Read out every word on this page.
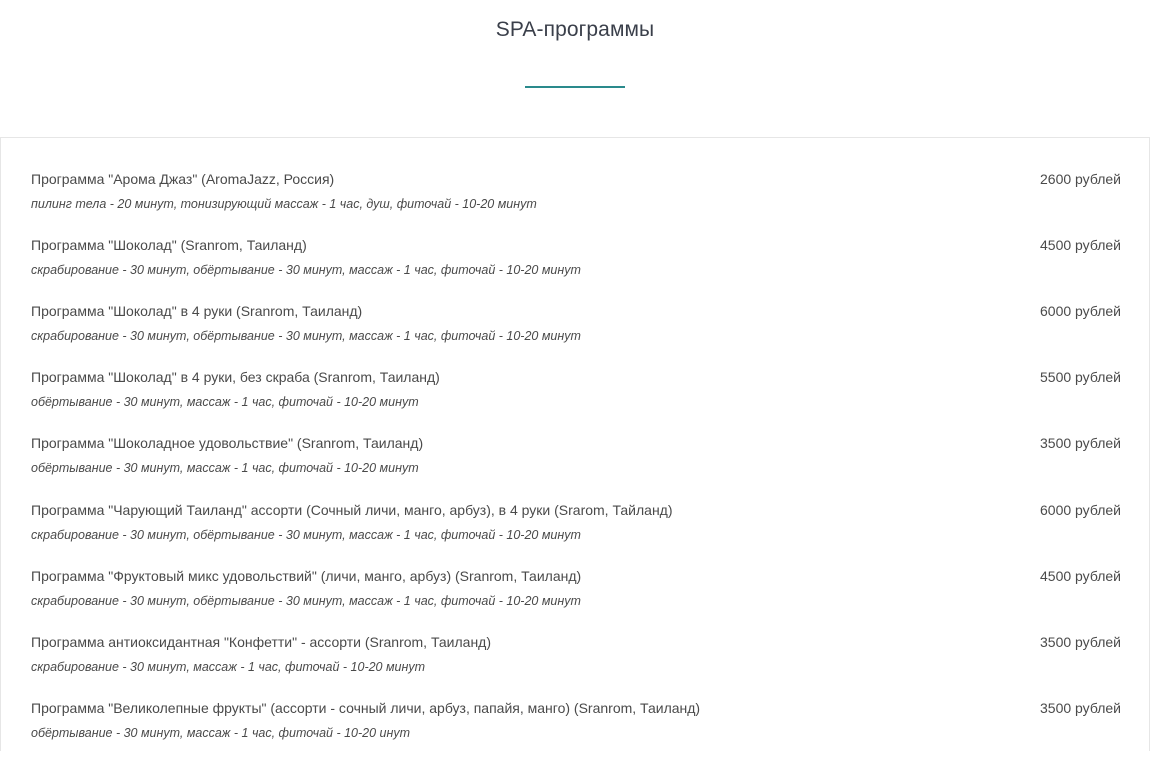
SPA-программы
Программа "Арома Джаз" (AromaJazz, Россия)
пилинг тела - 20 минут, тонизирующий массаж - 1 час, душ, фиточай - 10-20 минут
2600 рублей
Программа "Шоколад" (Sranrom, Таиланд)
скрабирование - 30 минут, обёртывание - 30 минут, массаж - 1 час, фиточай - 10-20 минут
4500 рублей
Программа "Шоколад" в 4 руки (Sranrom, Таиланд)
скрабирование - 30 минут, обёртывание - 30 минут, массаж - 1 час, фиточай - 10-20 минут
6000 рублей
Программа "Шоколад" в 4 руки, без скраба (Sranrom, Таиланд)
обёртывание - 30 минут, массаж - 1 час, фиточай - 10-20 минут
5500 рублей
Программа "Шоколадное удовольствие" (Sranrom, Таиланд)
обёртывание - 30 минут, массаж - 1 час, фиточай - 10-20 минут
3500 рублей
Программа "Чарующий Таиланд" ассорти (Сочный личи, манго, арбуз), в 4 руки (Srarom, Тайланд)
скрабирование - 30 минут, обёртывание - 30 минут, массаж - 1 час, фиточай - 10-20 минут
6000 рублей
Программа "Фруктовый микс удовольствий" (личи, манго, арбуз) (Sranrom, Таиланд)
скрабирование - 30 минут, обёртывание - 30 минут, массаж - 1 час, фиточай - 10-20 минут
4500 рублей
Программа антиоксидантная "Конфетти" - ассорти (Sranrom, Таиланд)
скрабирование - 30 минут, массаж - 1 час, фиточай - 10-20 минут
3500 рублей
Программа "Великолепные фрукты" (ассорти - сочный личи, арбуз, папайя, манго) (Sranrom, Таиланд)
обёртывание - 30 минут, массаж - 1 час, фиточай - 10-20 инут
3500 рублей
